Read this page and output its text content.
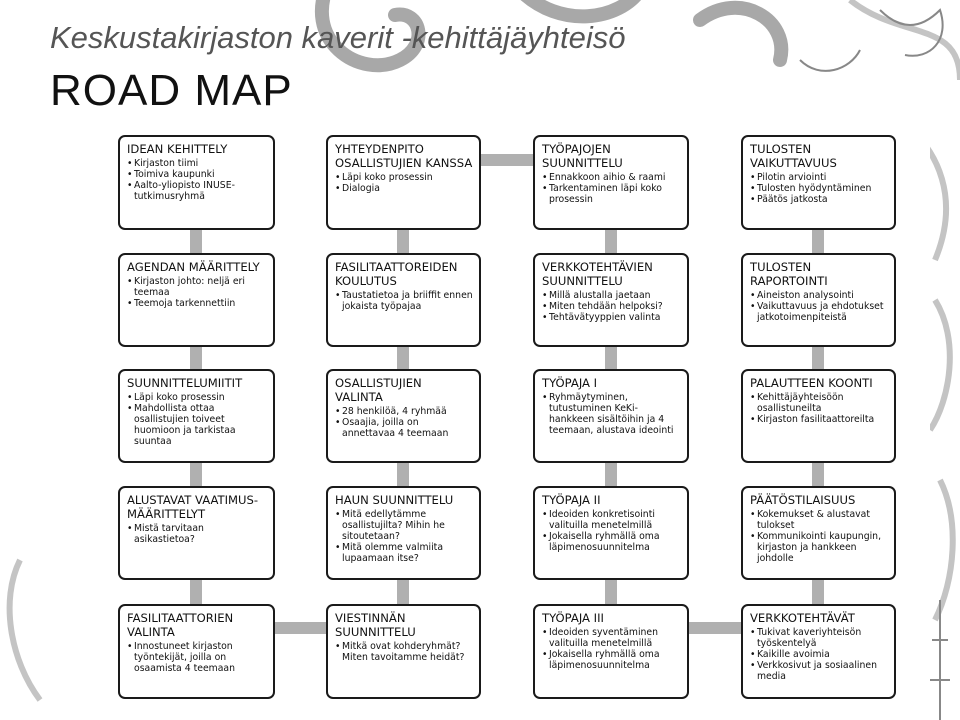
Keskustakirjaston kaverit -kehittäjäyhteisö
ROAD MAP
IDEAN KEHITTELY
• Kirjaston tiimi
• Toimiva kaupunki
• Aalto-yliopisto INUSE-tutkimusryhmä
AGENDAN MÄÄRITTELY
• Kirjaston johto: neljä eri teemaa
• Teemoja tarkennettiin
SUUNNITTELUMIITIT
• Läpi koko prosessin
• Mahdollista ottaa osallistujien toiveet huomioon ja tarkistaa suuntaa
ALUSTAVAT VAATIMUS-MÄÄRITTELYT
• Mistä tarvitaan asikastietoa?
FASILITAATTORIEN VALINTA
• Innostuneet kirjaston työntekijät, joilla on osaamista 4 teemaan
YHTEYDENPITO OSALLISTUJIEN KANSSA
• Läpi koko prosessin
• Dialogia
FASILITAATTOREIDEN KOULUTUS
• Taustatietoa ja briiffit ennen jokaista työpajaa
OSALLISTUJIEN VALINTA
• 28 henkilöä, 4 ryhmää
• Osaajia, joilla on annettavaa 4 teemaan
HAUN SUUNNITTELU
• Mitä edellytämme osallistujilta? Mihin he sitoutetaan?
• Mitä olemme valmiita lupaamaan itse?
VIESTINNÄN SUUNNITTELU
• Mitkä ovat kohderyhmät? Miten tavoitamme heidät?
TYÖPAJOJEN SUUNNITTELU
• Ennakkoon aihio & raami
• Tarkentaminen läpi koko prosessin
VERKKOTEHTÄVIEN SUUNNITTELU
• Millä alustalla jaetaan
• Miten tehdään helpoksi?
• Tehtävätyyppien valinta
TYÖPAJA I
• Ryhmäytyminen, tutustuminen KeKi-hankkeen sisältöihin ja 4 teemaan, alustava ideointi
TYÖPAJA II
• Ideoiden konkretisointi valituilla menetelmillä
• Jokaisella ryhmällä oma läpimenosuunnitelma
TYÖPAJA III
• Ideoiden syventäminen valituilla menetelmillä
• Jokaisella ryhmällä oma läpimenosuunnitelma
TULOSTEN VAIKUTTAVUUS
• Pilotin arviointi
• Tulosten hyödyntäminen
• Päätös jatkosta
TULOSTEN RAPORTOINTI
• Aineiston analysointi
• Vaikuttavuus ja ehdotukset jatkotoimenpiteistä
PALAUTTEEN KOONTI
• Kehittäjäyhteisöön osallistuneilta
• Kirjaston fasilitaattoreilta
PÄÄTÖSTILAISUUS
• Kokemukset & alustavat tulokset
• Kommunikointi kaupungin, kirjaston ja hankkeen johdolle
VERKKOTEHTÄVÄT
• Tukivat kaveriyhteisön työskentelyä
• Kaikille avoimia
• Verkkosivut ja sosiaalinen media
